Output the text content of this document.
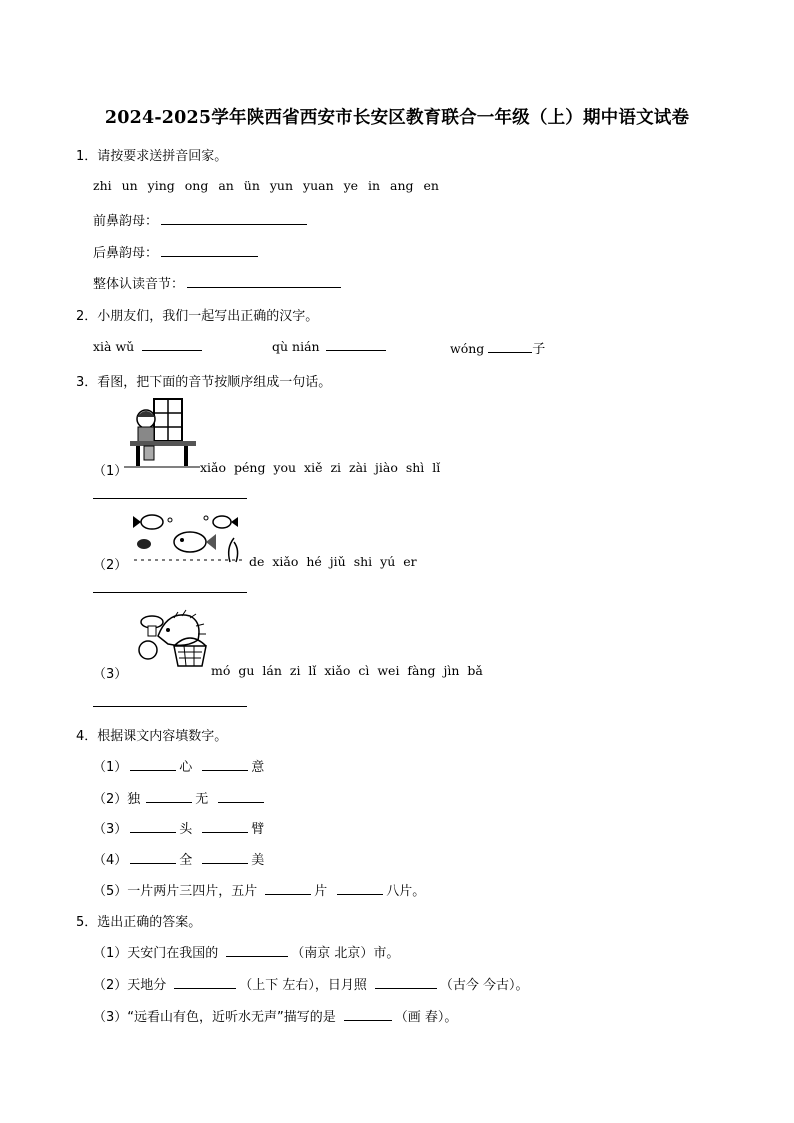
2024-2025学年陕西省西安市长安区教育联合一年级（上）期中语文试卷
1．请按要求送拼音回家。
zhi un ying ong an ün yun yuan ye in ang en
前鼻韵母：
后鼻韵母：
整体认读音节：
2．小朋友们，我们一起写出正确的汉字。
xià wǔ	qù nián	wóng	子
3．看图，把下面的音节按顺序组成一句话。
（1）	xiǎo péng you xiě zi zài jiào shì lǐ
（2）	de xiǎo hé jiǔ shi yú er
（3）	mó gu lán zi lǐ xiǎo cì wei fàng jìn bǎ
4．根据课文内容填数字。
（1）	心	意
（2）独	无
（3）	头	臂
（4）	全	美
（5）一片两片三四片，五片	片	八片。
5．选出正确的答案。
（1）天安门在我国的	（南京 北京）市。
（2）天地分	（上下 左右），日月照	（古今 今古）。
（3）“远看山有色，近听水无声”描写的是	（画 春）。
